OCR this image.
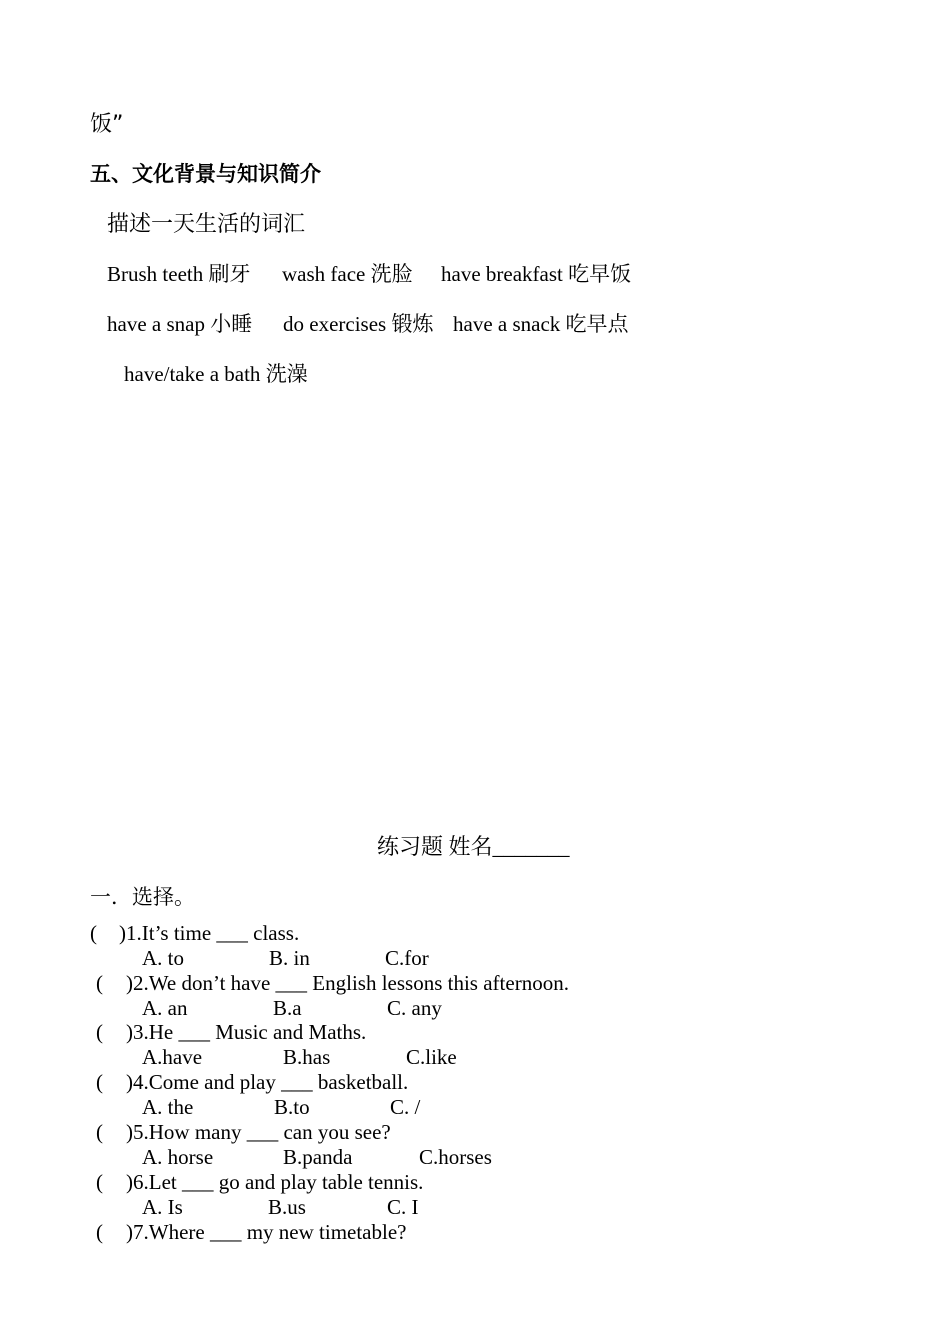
饭”
五、文化背景与知识简介
描述一天生活的词汇
Brush teeth 刷牙 wash face 洗脸 have breakfast 吃早饭
have a snap 小睡 do exercises 锻炼 have a snack 吃早点
have/take a bath 洗澡
练习题 姓名_______
一．选择。
( )1.It’s time ___ class.
A. to	B. in	C.for
( )2.We don’t have ___ English lessons this afternoon.
A. an	B.a	C. any
( )3.He ___ Music and Maths.
A.have	B.has	C.like
( )4.Come and play ___ basketball.
A. the	B.to	C. /
( )5.How many ___ can you see?
A. horse	B.panda	C.horses
( )6.Let ___ go and play table tennis.
A. Is	B.us	C. I
( )7.Where ___ my new timetable?
